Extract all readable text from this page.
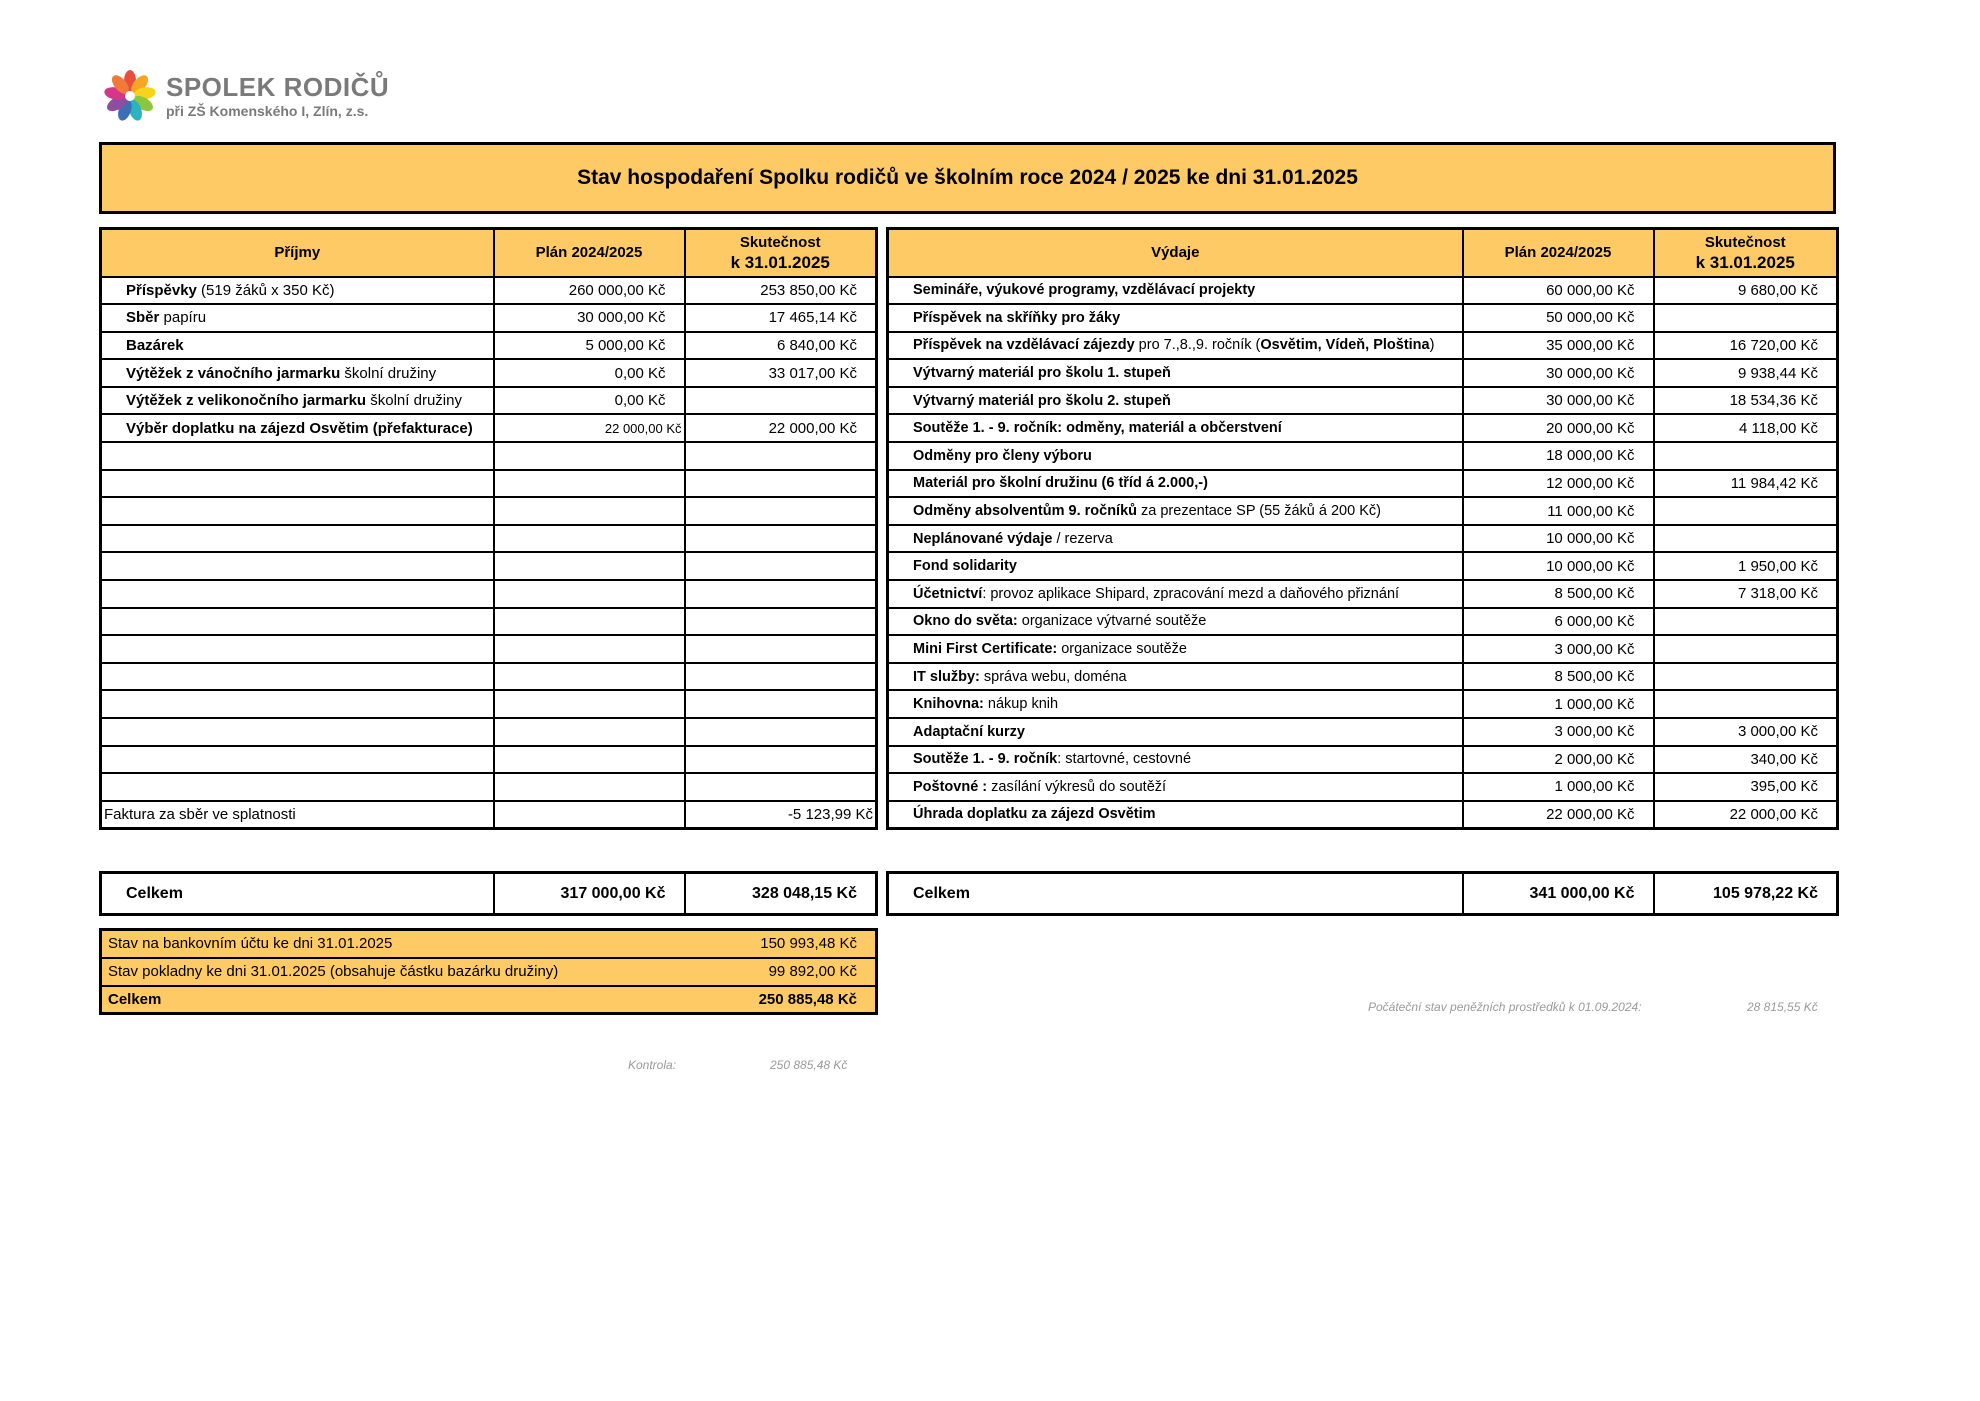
SPOLEK RODIČŮ
při ZŠ Komenského I, Zlín, z.s.
Stav hospodaření Spolku rodičů ve školním roce 2024 / 2025 ke dni 31.01.2025
Příjmy	Plán 2024/2025	Skutečnost
k 31.01.2025

Příspěvky (519 žáků x 350 Kč)	260 000,00 Kč	253 850,00 Kč
Sběr papíru	30 000,00 Kč	17 465,14 Kč
Bazárek	5 000,00 Kč	6 840,00 Kč
Výtěžek z vánočního jarmarku školní družiny	0,00 Kč	33 017,00 Kč
Výtěžek z velikonočního jarmarku školní družiny	0,00 Kč	
Výběr doplatku na zájezd Osvětim (přefakturace)	22 000,00 Kč	22 000,00 Kč

Faktura za sběr ve splatnosti		-5 123,99 Kč
Výdaje	Plán 2024/2025	Skutečnost
k 31.01.2025

Semináře, výukové programy, vzdělávací projekty	60 000,00 Kč	9 680,00 Kč
Příspěvek na skříňky pro žáky	50 000,00 Kč	
Příspěvek na vzdělávací zájezdy pro 7.,8.,9. ročník (Osvětim, Vídeň, Ploština)	35 000,00 Kč	16 720,00 Kč
Výtvarný materiál pro školu 1. stupeň	30 000,00 Kč	9 938,44 Kč
Výtvarný materiál pro školu 2. stupeň	30 000,00 Kč	18 534,36 Kč
Soutěže 1. - 9. ročník: odměny, materiál a občerstvení	20 000,00 Kč	4 118,00 Kč
Odměny pro členy výboru	18 000,00 Kč	
Materiál pro školní družinu (6 tříd á 2.000,-)	12 000,00 Kč	11 984,42 Kč
Odměny absolventům 9. ročníků za prezentace SP (55 žáků á 200 Kč)	11 000,00 Kč	
Neplánované výdaje / rezerva	10 000,00 Kč	
Fond solidarity	10 000,00 Kč	1 950,00 Kč
Účetnictví: provoz aplikace Shipard, zpracování mezd a daňového přiznání	8 500,00 Kč	7 318,00 Kč
Okno do světa: organizace výtvarné soutěže	6 000,00 Kč	
Mini First Certificate: organizace soutěže	3 000,00 Kč	
IT služby: správa webu, doména	8 500,00 Kč	
Knihovna: nákup knih	1 000,00 Kč	
Adaptační kurzy	3 000,00 Kč	3 000,00 Kč
Soutěže 1. - 9. ročník: startovné, cestovné	2 000,00 Kč	340,00 Kč
Poštovné : zasílání výkresů do soutěží	1 000,00 Kč	395,00 Kč
Úhrada doplatku za zájezd Osvětim	22 000,00 Kč	22 000,00 Kč
Celkem	317 000,00 Kč	328 048,15 Kč	Celkem	341 000,00 Kč	105 978,22 Kč
Stav na bankovním účtu ke dni 31.01.2025	150 993,48 Kč
Stav pokladny ke dni 31.01.2025 (obsahuje částku bazárku družiny)	99 892,00 Kč
Celkem	250 885,48 Kč	Počáteční stav peněžních prostředků k 01.09.2024:	28 815,55 Kč
Kontrola:	250 885,48 Kč
